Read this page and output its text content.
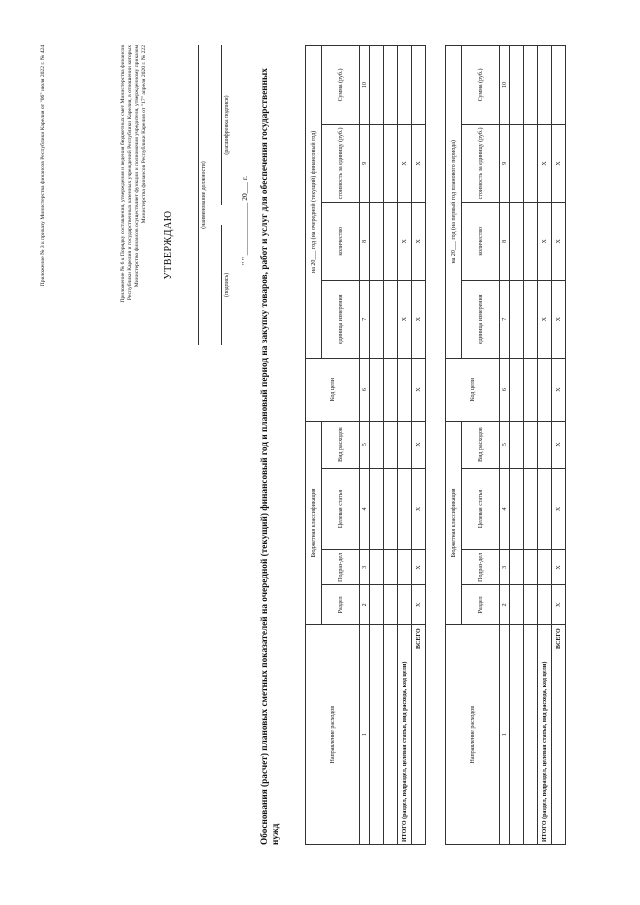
Приложение № 3 к приказу Министерства финансов Республики Карелия от "06" июля 2022 г. № 424
Приложение № 6 к Порядку составления, утверждения и ведения бюджетных смет Министерства финансов
Республики Карелия и государственных казенных учреждений Республики Карелия, в отношении которых
Министерство финансов осуществляет функции и полномочия учредителя, утвержденному приказом
Министерства финансов Республики Карелия от "17" апреля 2020 г. № 222
УТВЕРЖДАЮ
(наименование должности)
(подпись)
(расшифровка подписи)
" " ______________ 20___ г. Обоснования (расчет) плановых сметных показателей на очередной (текущий) финансовый год и плановый период на закупку товаров, работ и услуг для обеспечения государственных нужд
Направление расходов	Бюджетная классификация				Код цели	на 20___ год (на очередной (текущий) финансовый год)			
	Раздел	Подраз-дел	Целевая статья	Вид расходов		единица измерения	количество	стоимость за единицу (руб.)	Сумма (руб.)

1	2	3	4	5	6	7	8	9	10

ИТОГО (раздел, подраздел, целевая статья, вид расхода, код цели)						X	X	X	
ВСЕГО	X	X	X	X	X	X	X	X	
Направление расходов	Бюджетная классификация				Код цели	на 20___ год (на первый год планового периода)			
	Раздел	Подраз-дел	Целевая статья	Вид расходов		единица измерения	количество	стоимость за единицу (руб.)	Сумма (руб.)

1	2	3	4	5	6	7	8	9	10

ИТОГО (раздел, подраздел, целевая статья, вид расхода, код цели)						X	X	X	
ВСЕГО	X	X	X	X	X	X	X	X	
